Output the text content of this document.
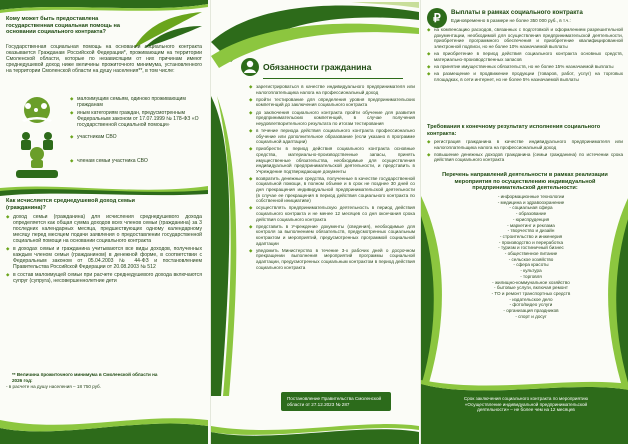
Кому может быть предоставлена государственная социальная помощь на основании социального контракта?
Государственная социальная помощь на основании социального контракта оказывается Гражданам Российской Федерации*, проживающим на территории Смоленской области, которые по независящим от них причинам имеют среднедушевой доход ниже величины прожиточного минимума, установленного на территории Смоленской области на душу населения**, в том числе:
◆ малоимущим семьям, одиноко проживающим гражданам
◆ иным категориям граждан, предусмотренным Федеральным законом от 17.07.1999 № 178-ФЗ «О государственной социальной помощи»
◆ участникам СВО
◆ членам семьи участника СВО
Как исчисляется среднедушевой доход семьи (гражданина)?
◆ доход семьи (гражданина) для исчисления среднедушевого дохода определяется как общая сумма доходов всех членов семьи (гражданина) за 3 последних календарных месяца, предшествующих одному календарному месяцу перед месяцем подачи заявления о предоставлении государственной социальной помощи на основании социального контракта
◆ в доходах семьи и гражданина учитываются все виды доходов, полученных каждым членом семьи (гражданином) в денежной форме, в соответствии с Федеральным законом от 05.04.2003 № 44-ФЗ и постановлением Правительства Российской Федерации от 20.08.2003 № 512
◆ в состав малоимущей семьи при расчете среднедушевого дохода включаются супруг (супруга), несовершеннолетние дети
** Величина прожиточного минимума в Смоленской области на 2026 год:
- в расчете на душу населения – 18 750 руб.
Обязанности гражданина
◆ зарегистрироваться в качестве индивидуального предпринимателя или налогоплательщика налога на профессиональный доход
◆ пройти тестирование для определения уровня предпринимательских компетенций до заключения социального контракта
◆ до заключения социального контракта пройти обучение для развития предпринимательских компетенций, в случае получения неудовлетворительного результата по итогам тестирования
◆ в течение периода действия социального контракта профессионально обучение или дополнительное образование (если указано в программе социальной адаптации)
◆ приобрести в период действия социального контракта основные средства, материально-производственные запасы, принять имущественные обязательства, необходимые для осуществления индивидуальной предпринимательской деятельности, и представить в Учреждение подтверждающие документы
◆ возвратить денежные средства, полученные в качестве государственной социальной помощи, в полном объеме и в срок не позднее 30 дней со дня прекращения индивидуальной предпринимательской деятельности (в случае ее прекращения в период действия социального контракта по собственной инициативе)
◆ осуществлять предпринимательскую деятельность в период действия социального контракта и не менее 12 месяцев со дня окончания срока действия социального контракта
◆ представить в Учреждение документы (сведения), необходимые для контроля за выполнением обязательств, предусмотренных социальным контрактом и мероприятий, предусмотренных программой социальной адаптации
◆ уведомить Министерство в течение 3-х рабочих дней о досрочном прекращении выполнения мероприятий программы социальной адаптации, предусмотренных социальным контрактом в период действия социального контракта
Постановление Правительства Смоленской области от 27.12.2023 № 287
₽	Выплаты в рамках социального контракта
Единовременно в размере не более 350 000 руб., в т.ч.:
◆ на компенсацию расходов, связанных с подготовкой и оформлением разрешительной документации, необходимой для осуществления предпринимательской деятельности, приобретение программного обеспечения и приобретение квалифицированной электронной подписи, но не более 10% назначаемой выплаты
◆ на приобретение в период действия социального контракта основных средств, материально-производственных запасов
◆ на принятие имущественных обязательств, но не более 15% назначаемой выплаты
◆ на размещение и продвижение продукции (товаров, работ, услуг) на торговых площадках, в сети интернет, но не более 5% назначаемой выплаты
Требования к конечному результату исполнения социального контракта:
◆ регистрация гражданина в качестве индивидуального предпринимателя или налогоплательщика налога на профессиональный доход
◆ повышение денежных доходов гражданина (семьи гражданина) по истечении срока действия социального контракта
Перечень направлений деятельности в рамках реализации мероприятия по осуществлению индивидуальной предпринимательской деятельности:
- информационные технологии
- медицина и здравоохранение
- социальная сфера
- образование
- юриспруденция
- маркетинг и реклама
- творчество и дизайн
- строительство и инженерия
- производство и переработка
- туризм и гостиничный бизнес
- общественное питание
- сельское хозяйство
- сфера красоты
- культура
- торговля
- жилищно-коммунальное хозяйство
- бытовые услуги, включая ремонт
- ТО и ремонт транспортных средств
- издательское дело
- фото/видео услуги
- организация праздников
- спорт и досуг
Срок заключения социального контракта по мероприятию «Осуществление индивидуальной предпринимательской деятельности» – не более чем на 12 месяцев
